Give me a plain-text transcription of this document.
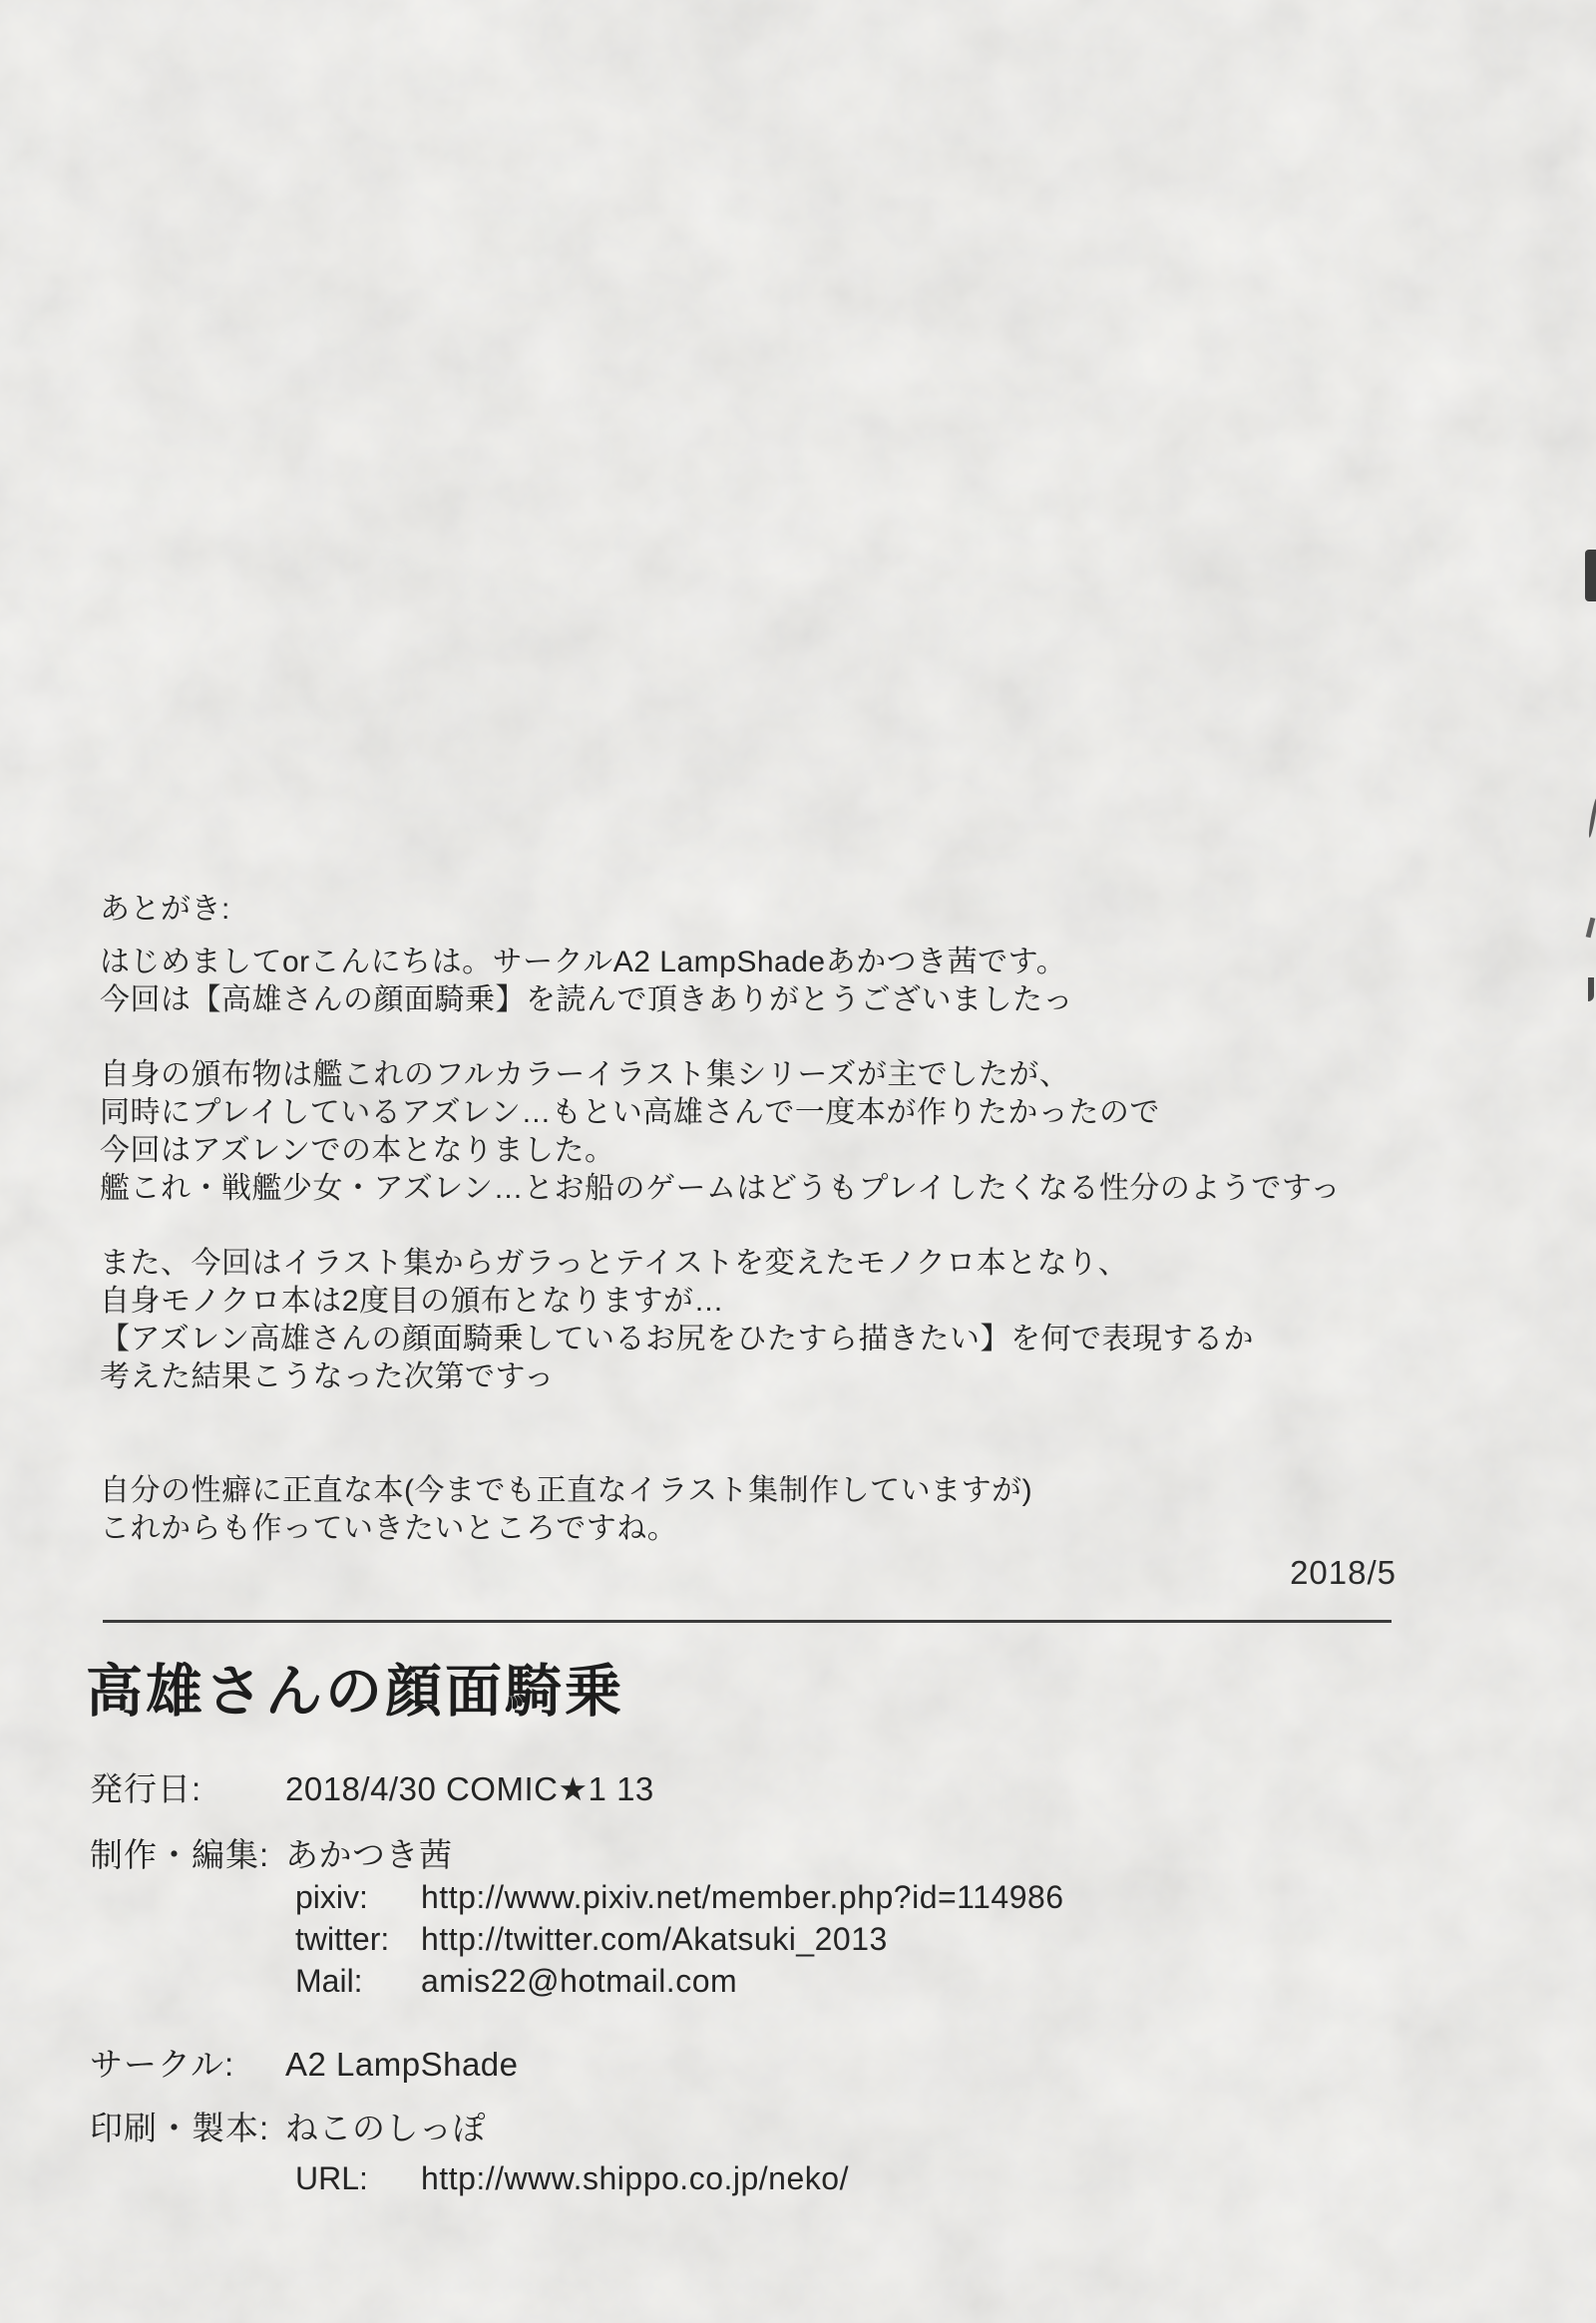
あとがき:
はじめましてorこんにちは。サークルA2 LampShadeあかつき茜です。
今回は【高雄さんの顔面騎乗】を読んで頂きありがとうございましたっ
自身の頒布物は艦これのフルカラーイラスト集シリーズが主でしたが、
同時にプレイしているアズレン…もとい高雄さんで一度本が作りたかったので
今回はアズレンでの本となりました。
艦これ・戦艦少女・アズレン…とお船のゲームはどうもプレイしたくなる性分のようですっ
また、今回はイラスト集からガラっとテイストを変えたモノクロ本となり、
自身モノクロ本は2度目の頒布となりますが…
【アズレン高雄さんの顔面騎乗しているお尻をひたすら描きたい】を何で表現するか
考えた結果こうなった次第ですっ
自分の性癖に正直な本(今までも正直なイラスト集制作していますが)
これからも作っていきたいところですね。
2018/5
高雄さんの顔面騎乗
発行日:	2018/4/30 COMIC★1 13
制作・編集: あかつき茜
pixiv: http://www.pixiv.net/member.php?id=114986
twitter: http://twitter.com/Akatsuki_2013
Mail: amis22@hotmail.com
サークル: A2 LampShade
印刷・製本: ねこのしっぽ
URL: http://www.shippo.co.jp/neko/
